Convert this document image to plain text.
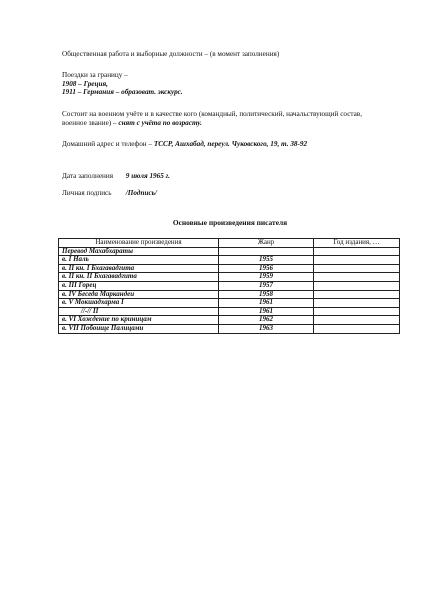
Общественная работа и выборные должности – (в момент заполнения)
Поездки за границу –
1908 – Греция,
1911 – Германия – образоват. экскурс.
Состоит на военном учёте и в качестве кого (командный, политический, начальствующий состав, военное звание) – снят с учёта по возрасту.
Домашний адрес и телефон – ТССР, Ашхабад, переул. Чуковского, 19, т. 38-92
Дата заполнения 9 июля 1965 г.
Личная подпись /Подпись/
Основные произведения писателя
Наименование произведения	Жанр	Год издания, …
Перевод Махабхараты		
в. I Наль	1955	
в. II кн. I Бхагавадгита	1956	
в. II кн. II Бхагавадгита	1959	
в. III Горец	1957	
в. IV Беседа Маркандеи	1958	
в. V Мокшадхарма I	1961	
//-// II	1961	
в. VI Хождение по криницам	1962	
в. VII Побоище Палицами	1963	
